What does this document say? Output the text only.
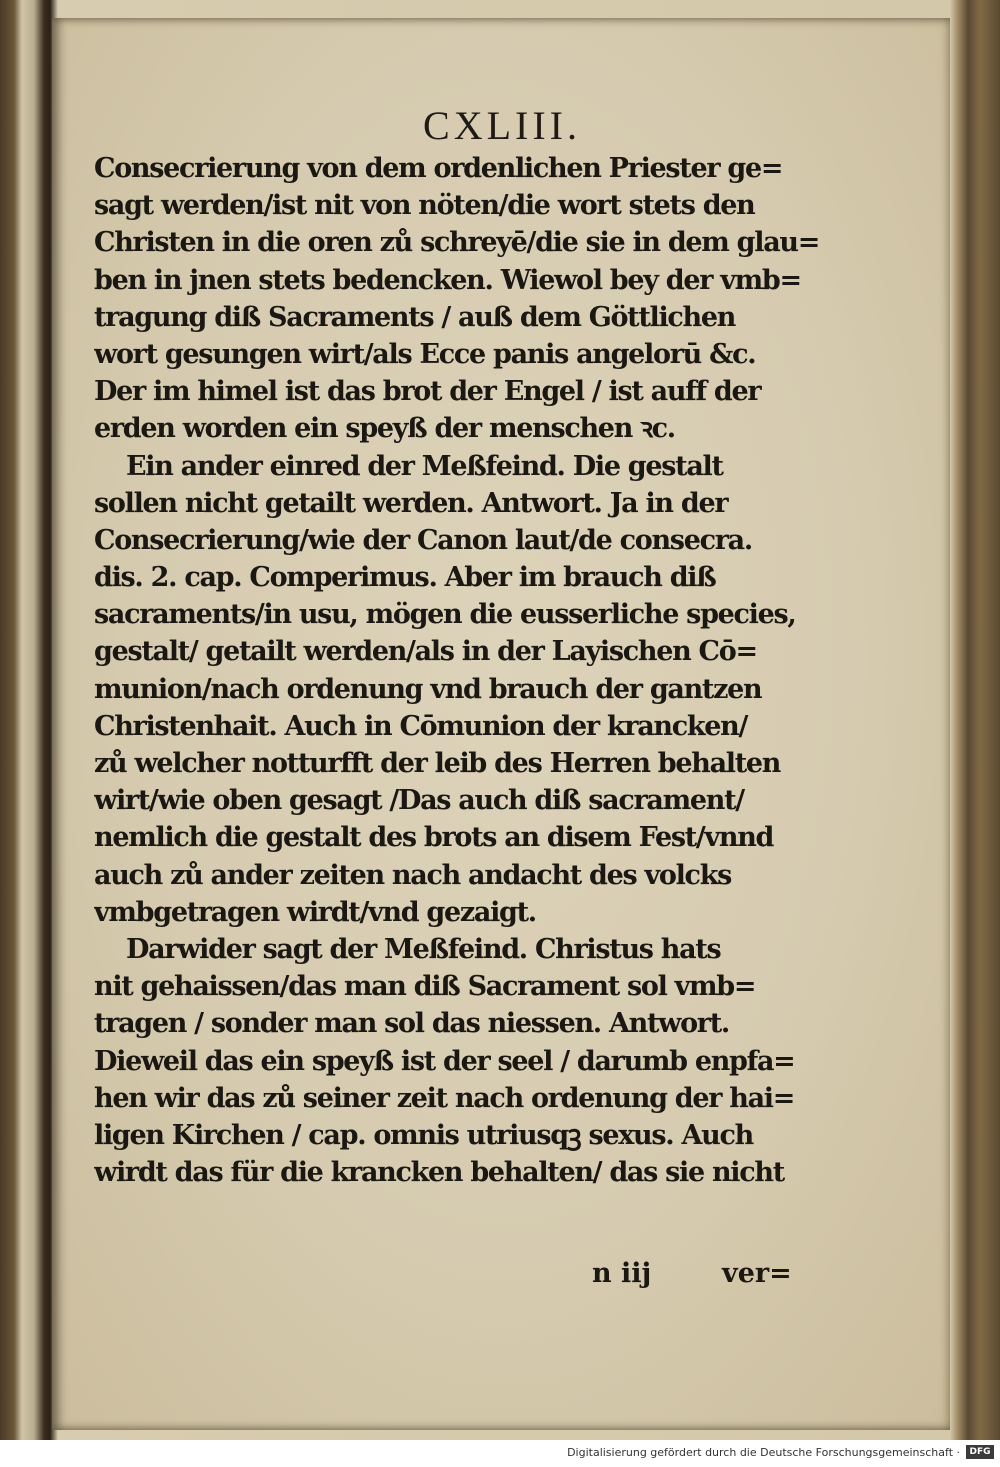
CXLIII.
Consecrierung von dem ordenlichen Priester ge=
sagt werden/ist nit von nöten/die wort stets den
Christen in die oren zů schreyē/die sie in dem glau=
ben in jnen stets bedencken. Wiewol bey der vmb=
tragung diß Sacraments / auß dem Göttlichen
wort gesungen wirt/als Ecce panis angelorū &c.
Der im himel ist das brot der Engel / ist auff der
erden worden ein speyß der menschen ꝛc.
Ein ander einred der Meßfeind. Die gestalt
sollen nicht getailt werden. Antwort. Ja in der
Consecrierung/wie der Canon laut/de consecra.
dis. 2. cap. Comperimus. Aber im brauch diß
sacraments/in usu, mögen die eusserliche species,
gestalt/ getailt werden/als in der Layischen Cō=
munion/nach ordenung vnd brauch der gantzen
Christenhait. Auch in Cōmunion der krancken/
zů welcher notturfft der leib des Herren behalten
wirt/wie oben gesagt /Das auch diß sacrament/
nemlich die gestalt des brots an disem Fest/vnnd
auch zů ander zeiten nach andacht des volcks
vmbgetragen wirdt/vnd gezaigt.
Darwider sagt der Meßfeind. Christus hats
nit gehaissen/das man diß Sacrament sol vmb=
tragen / sonder man sol das niessen. Antwort.
Dieweil das ein speyß ist der seel / darumb enpfa=
hen wir das zů seiner zeit nach ordenung der hai=
ligen Kirchen / cap. omnis utriusqꝫ sexus. Auch
wirdt das für die krancken behalten/ das sie nicht
n iij	ver=
Digitalisierung gefördert durch die Deutsche Forschungsgemeinschaft ·	DFG
